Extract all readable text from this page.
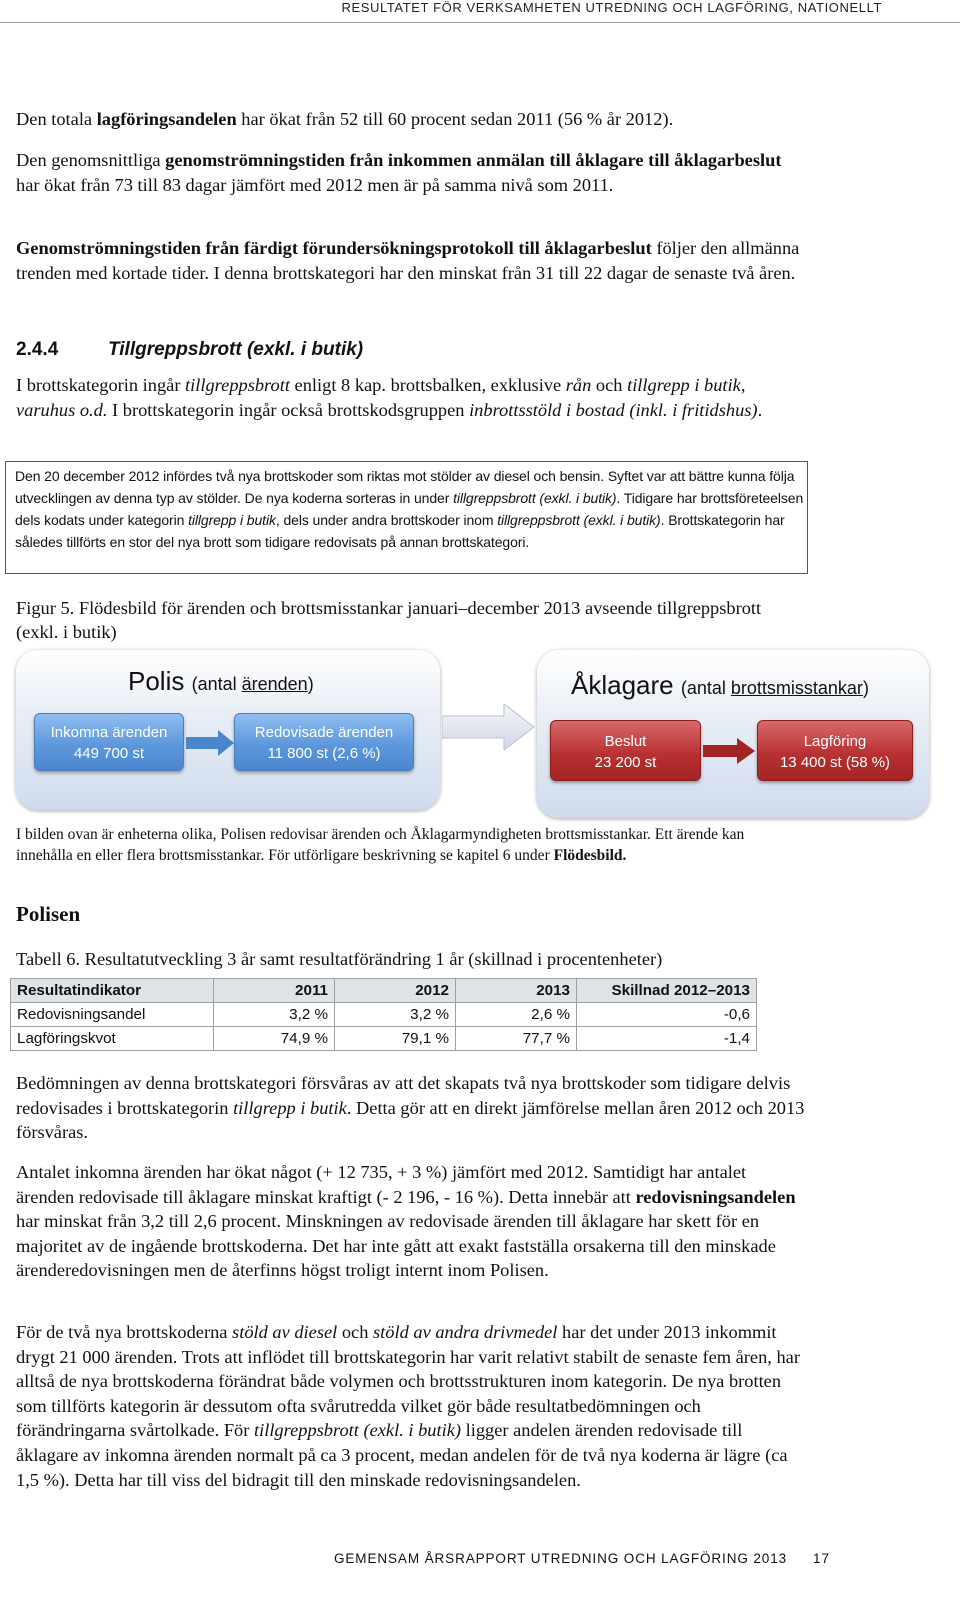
RESULTATET FÖR VERKSAMHETEN UTREDNING OCH LAGFÖRING, NATIONELLT

Den totala lagföringsandelen har ökat från 52 till 60 procent sedan 2011 (56 % år 2012).

Den genomsnittliga genomströmningstiden från inkommen anmälan till åklagare till åklagarbeslut har ökat från 73 till 83 dagar jämfört med 2012 men är på samma nivå som 2011.

Genomströmningstiden från färdigt förundersökningsprotokoll till åklagarbeslut följer den allmänna trenden med kortade tider. I denna brottskategori har den minskat från 31 till 22 dagar de senaste två åren.

2.4.4	Tillgreppsbrott (exkl. i butik)

I brottskategorin ingår tillgreppsbrott enligt 8 kap. brottsbalken, exklusive rån och tillgrepp i butik, varuhus o.d. I brottskategorin ingår också brottskodsgruppen inbrottsstöld i bostad (inkl. i fritidshus).

Den 20 december 2012 infördes två nya brottskoder som riktas mot stölder av diesel och bensin. Syftet var att bättre kunna följa utvecklingen av denna typ av stölder. De nya koderna sorteras in under tillgreppsbrott (exkl. i butik). Tidigare har brottsföreteelsen dels kodats under kategorin tillgrepp i butik, dels under andra brottskoder inom tillgreppsbrott (exkl. i butik). Brottskategorin har således tillförts en stor del nya brott som tidigare redovisats på annan brottskategori.
Figur 5. Flödesbild för ärenden och brottsmisstankar januari–december 2013 avseende tillgreppsbrott (exkl. i butik)
Polis (antal ärenden)
Inkomna ärenden
449 700 st
Redovisade ärenden
11 800 st (2,6 %)
Åklagare (antal brottsmisstankar)
Beslut
23 200 st
Lagföring
13 400 st (58 %)
I bilden ovan är enheterna olika, Polisen redovisar ärenden och Åklagarmyndigheten brottsmisstankar. Ett ärende kan innehålla en eller flera brottsmisstankar. För utförligare beskrivning se kapitel 6 under Flödesbild.
Polisen
Tabell 6. Resultatutveckling 3 år samt resultatförändring 1 år (skillnad i procentenheter)
Resultatindikator	2011	2012	2013	Skillnad 2012–2013
Redovisningsandel	3,2 %	3,2 %	2,6 %	-0,6
Lagföringskvot	74,9 %	79,1 %	77,7 %	-1,4

Bedömningen av denna brottskategori försvåras av att det skapats två nya brottskoder som tidigare delvis redovisades i brottskategorin tillgrepp i butik. Detta gör att en direkt jämförelse mellan åren 2012 och 2013 försvåras.

Antalet inkomna ärenden har ökat något (+ 12 735, + 3 %) jämfört med 2012. Samtidigt har antalet ärenden redovisade till åklagare minskat kraftigt (- 2 196, - 16 %). Detta innebär att redovisningsandelen har minskat från 3,2 till 2,6 procent. Minskningen av redovisade ärenden till åklagare har skett för en majoritet av de ingående brottskoderna. Det har inte gått att exakt fastställa orsakerna till den minskade ärenderedovisningen men de återfinns högst troligt internt inom Polisen.

För de två nya brottskoderna stöld av diesel och stöld av andra drivmedel har det under 2013 inkommit drygt 21 000 ärenden. Trots att inflödet till brottskategorin har varit relativt stabilt de senaste fem åren, har alltså de nya brottskoderna förändrat både volymen och brottsstrukturen inom kategorin. De nya brotten som tillförts kategorin är dessutom ofta svårutredda vilket gör både resultatbedömningen och förändringarna svårtolkade. För tillgreppsbrott (exkl. i butik) ligger andelen ärenden redovisade till åklagare av inkomna ärenden normalt på ca 3 procent, medan andelen för de två nya koderna är lägre (ca 1,5 %). Detta har till viss del bidragit till den minskade redovisningsandelen.

GEMENSAM ÅRSRAPPORT UTREDNING OCH LAGFÖRING 2013 17
